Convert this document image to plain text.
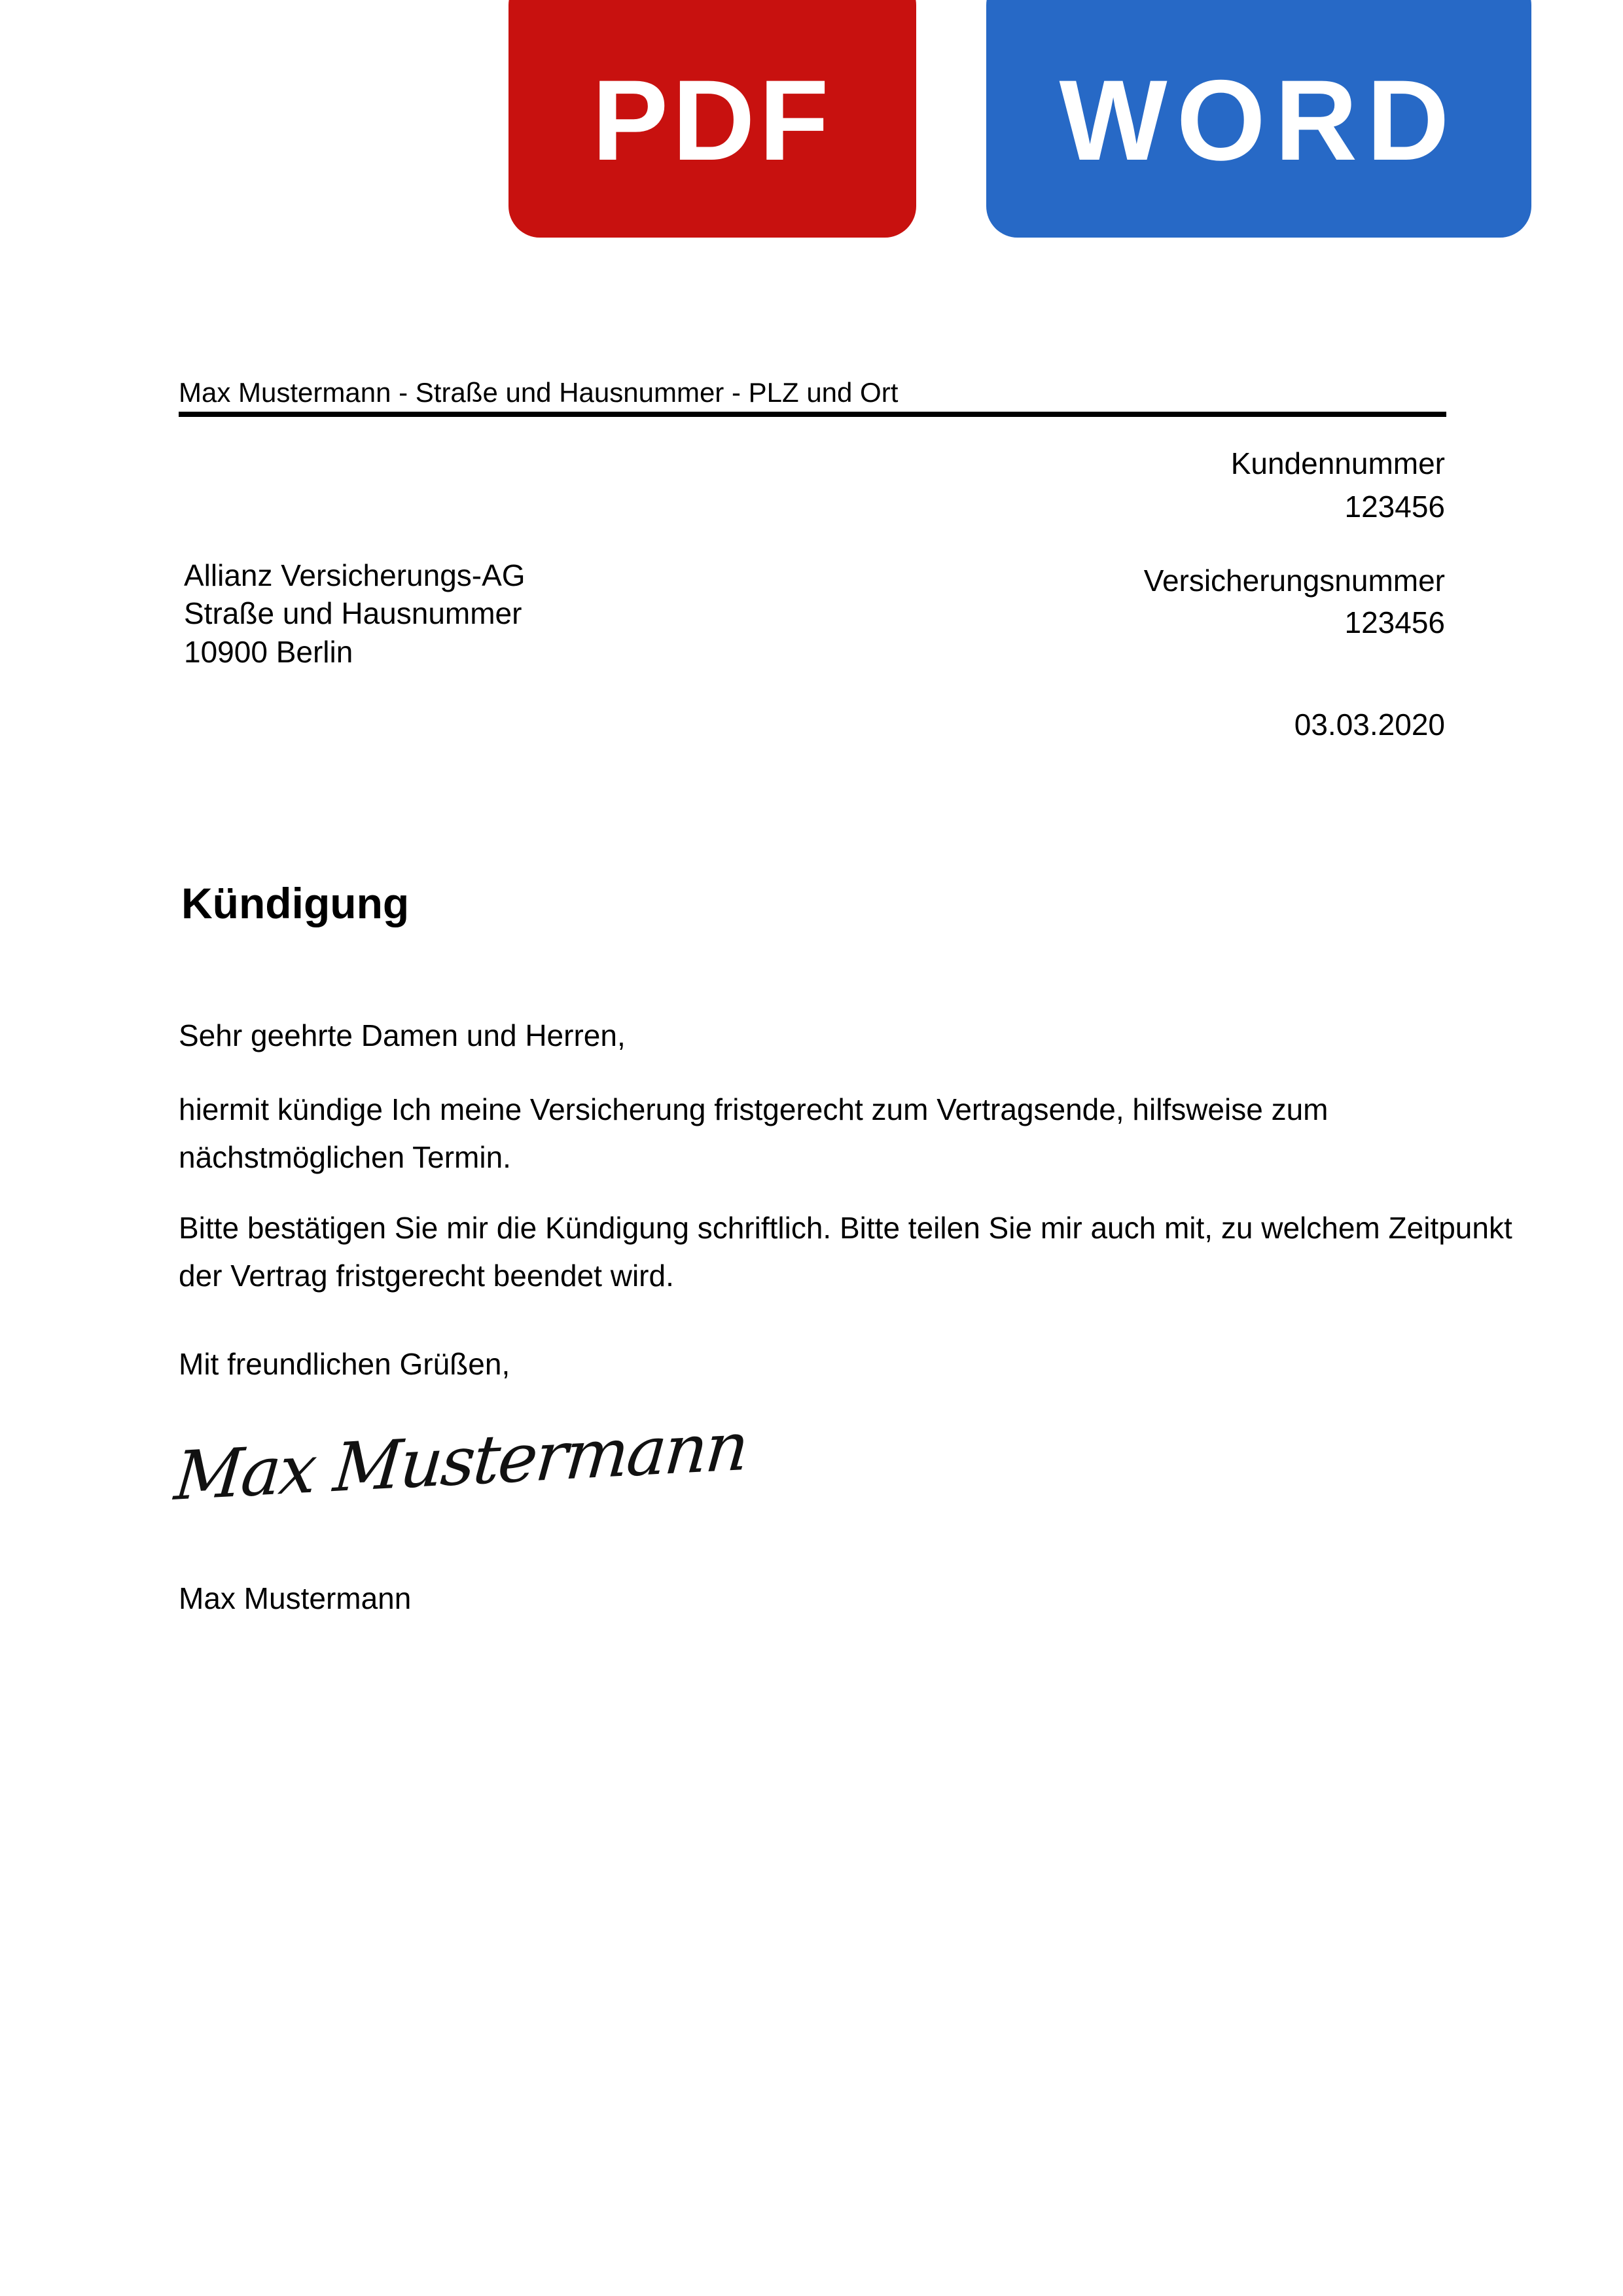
PDF WORD
Max Mustermann - Straße und Hausnummer - PLZ und Ort
Kundennummer
123456
Versicherungsnummer
123456
03.03.2020
Allianz Versicherungs-AG
Straße und Hausnummer
10900 Berlin
Kündigung
Sehr geehrte Damen und Herren,
hiermit kündige Ich meine Versicherung fristgerecht zum Vertragsende, hilfsweise zum
nächstmöglichen Termin.
Bitte bestätigen Sie mir die Kündigung schriftlich. Bitte teilen Sie mir auch mit, zu welchem Zeitpunkt
der Vertrag fristgerecht beendet wird.
Mit freundlichen Grüßen,
Max Mustermann
Max Mustermann
